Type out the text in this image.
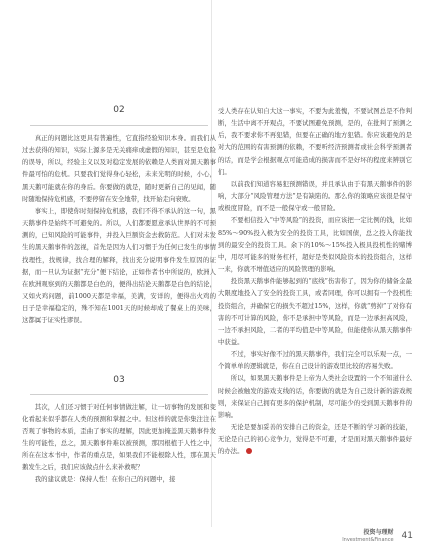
02

真正的问题比这更具有普遍性，它直指经验知识本身。而我们从过去获得的知识，实际上源多是无关痛痒或虚假的知识，甚至是危险的误导，所以，经验主义以及对稳定发展的依赖是人类面对黑天鹅事件最可怕的危机。只要我们觉得身心轻松，未来光明的时候，小心，黑天鹅可能就在你的身后。你要做的就是，随时更新自己的见闻，随时随地保持危机感，不要停留在安全地带，找开始走向衰败。

事实上，即使你时刻保持危机感，我们不得不承认的这一句，黑天鹅事件是始终不可避免的。所以，人们都要愿意承认世界的不可预测的，已知风险的可能事件，并投入巨额资金去救防范。人们对未发生的黑天鹅事件的忽视，首先是因为人们习惯于为任何已发生的事情找理性，找规律，找合理的解释，找出充分说明事件发生原因的证据，而一旦认为证据“充分”便下结论，正如作者书中所说的，欧洲人在欧洲观察到的天鹅都是白色的，便得出结论天鹅都是白色的结论，又如火鸡问题，前1000天都是幸福，美满，安详的，便得出火鸡的日子是幸福稳定的，殊不知在1001天的时候却成了餐桌上的美味，这都属于证实性谬误。

03

其次，人们还习惯于对任何事情做注解，让一切事物的发展和变化看起来似乎都在人类的预测和掌握之中。但这样的就是你集注注在否观了事物的本质，歪曲了事实的理解，因此更加掩盖黑天鹅事件发生的可能性，总之，黑天鹅事件难以被预测，那因根植于人性之中，所在在这本书中，作者的重点是，如果我们不能根除人性，那在黑天鹅发生之后，我们应该做点什么来补救呢？

我的建议就是：保持人性！在你自己的问题中，接

受人类存在认知自大这一事实，不要为此羞愧，不要试图总是不作判断，生活中离不开观点，不要试图避免预测，是的，在批判了预测之后，我不要求你不再犯错，但要在正确的地方犯错。你应该避免的是对大的范围的有害预测的依赖，不要听经济预测者或社会科学预测者的话，而是学会根据观点可能造成的损害而不是好坏的程度来辨别它们。

以前我们知道容易犯预测错误，并且承认由于有黑天鹅事件的影响，大部分“风险管理方法”是有缺陷的。那么你的策略应该很是保守或极度冒险，而不是一般保守或一般冒险。

不要相信投入“中等风险”的投资，而应该把一定比例的钱，比如85%～90%投入极为安全的投资工具，比如国债，总之投入你能找到的最安全的投资工具。余下的10%～15%投入极具投机性的赌博中，用尽可能多的财务杠杆，超好是类似风险资本的投资组合，这样一来，你就不增值适应的风险管理的影响。

投资黑天鹅事件能够起到的“底线”伤害你了，因为你的储备金最大限度地投入了安全的投资工具，或者同理，你可以拥有一个投机性投资组合，并确保它的损失不超过15%，这样，你就“剪掉”了对你有害的不可计算的风险，你不是承担中等风险，而是一边承担高风险，一边不承担风险，二者的平均值是中等风险，但能使你从黑天鹅事件中获益。

不过，事实好像不过的黑天鹅事件，我们完全可以乐观一点，一个简单单的逻辑就是，你在自己设计的游戏里比较的容易失败。

所以，如果黑天鹅事件是上帝为人类社会设置的一个不知道什么时候会被触发的游戏支线的话，你要做的就是为自己设计新的游戏规则，来保证自己拥有更多的保护机制，尽可能少的受到黑天鹅事件的影响。

无论是要加妥善的安排自己的资金，还是不断的学习新的技能，无论是自己的初心竞争力，觉得是不可避，才是面对黑天鹅事件最好的办法。

投资与理财
Investment&Finance 41
